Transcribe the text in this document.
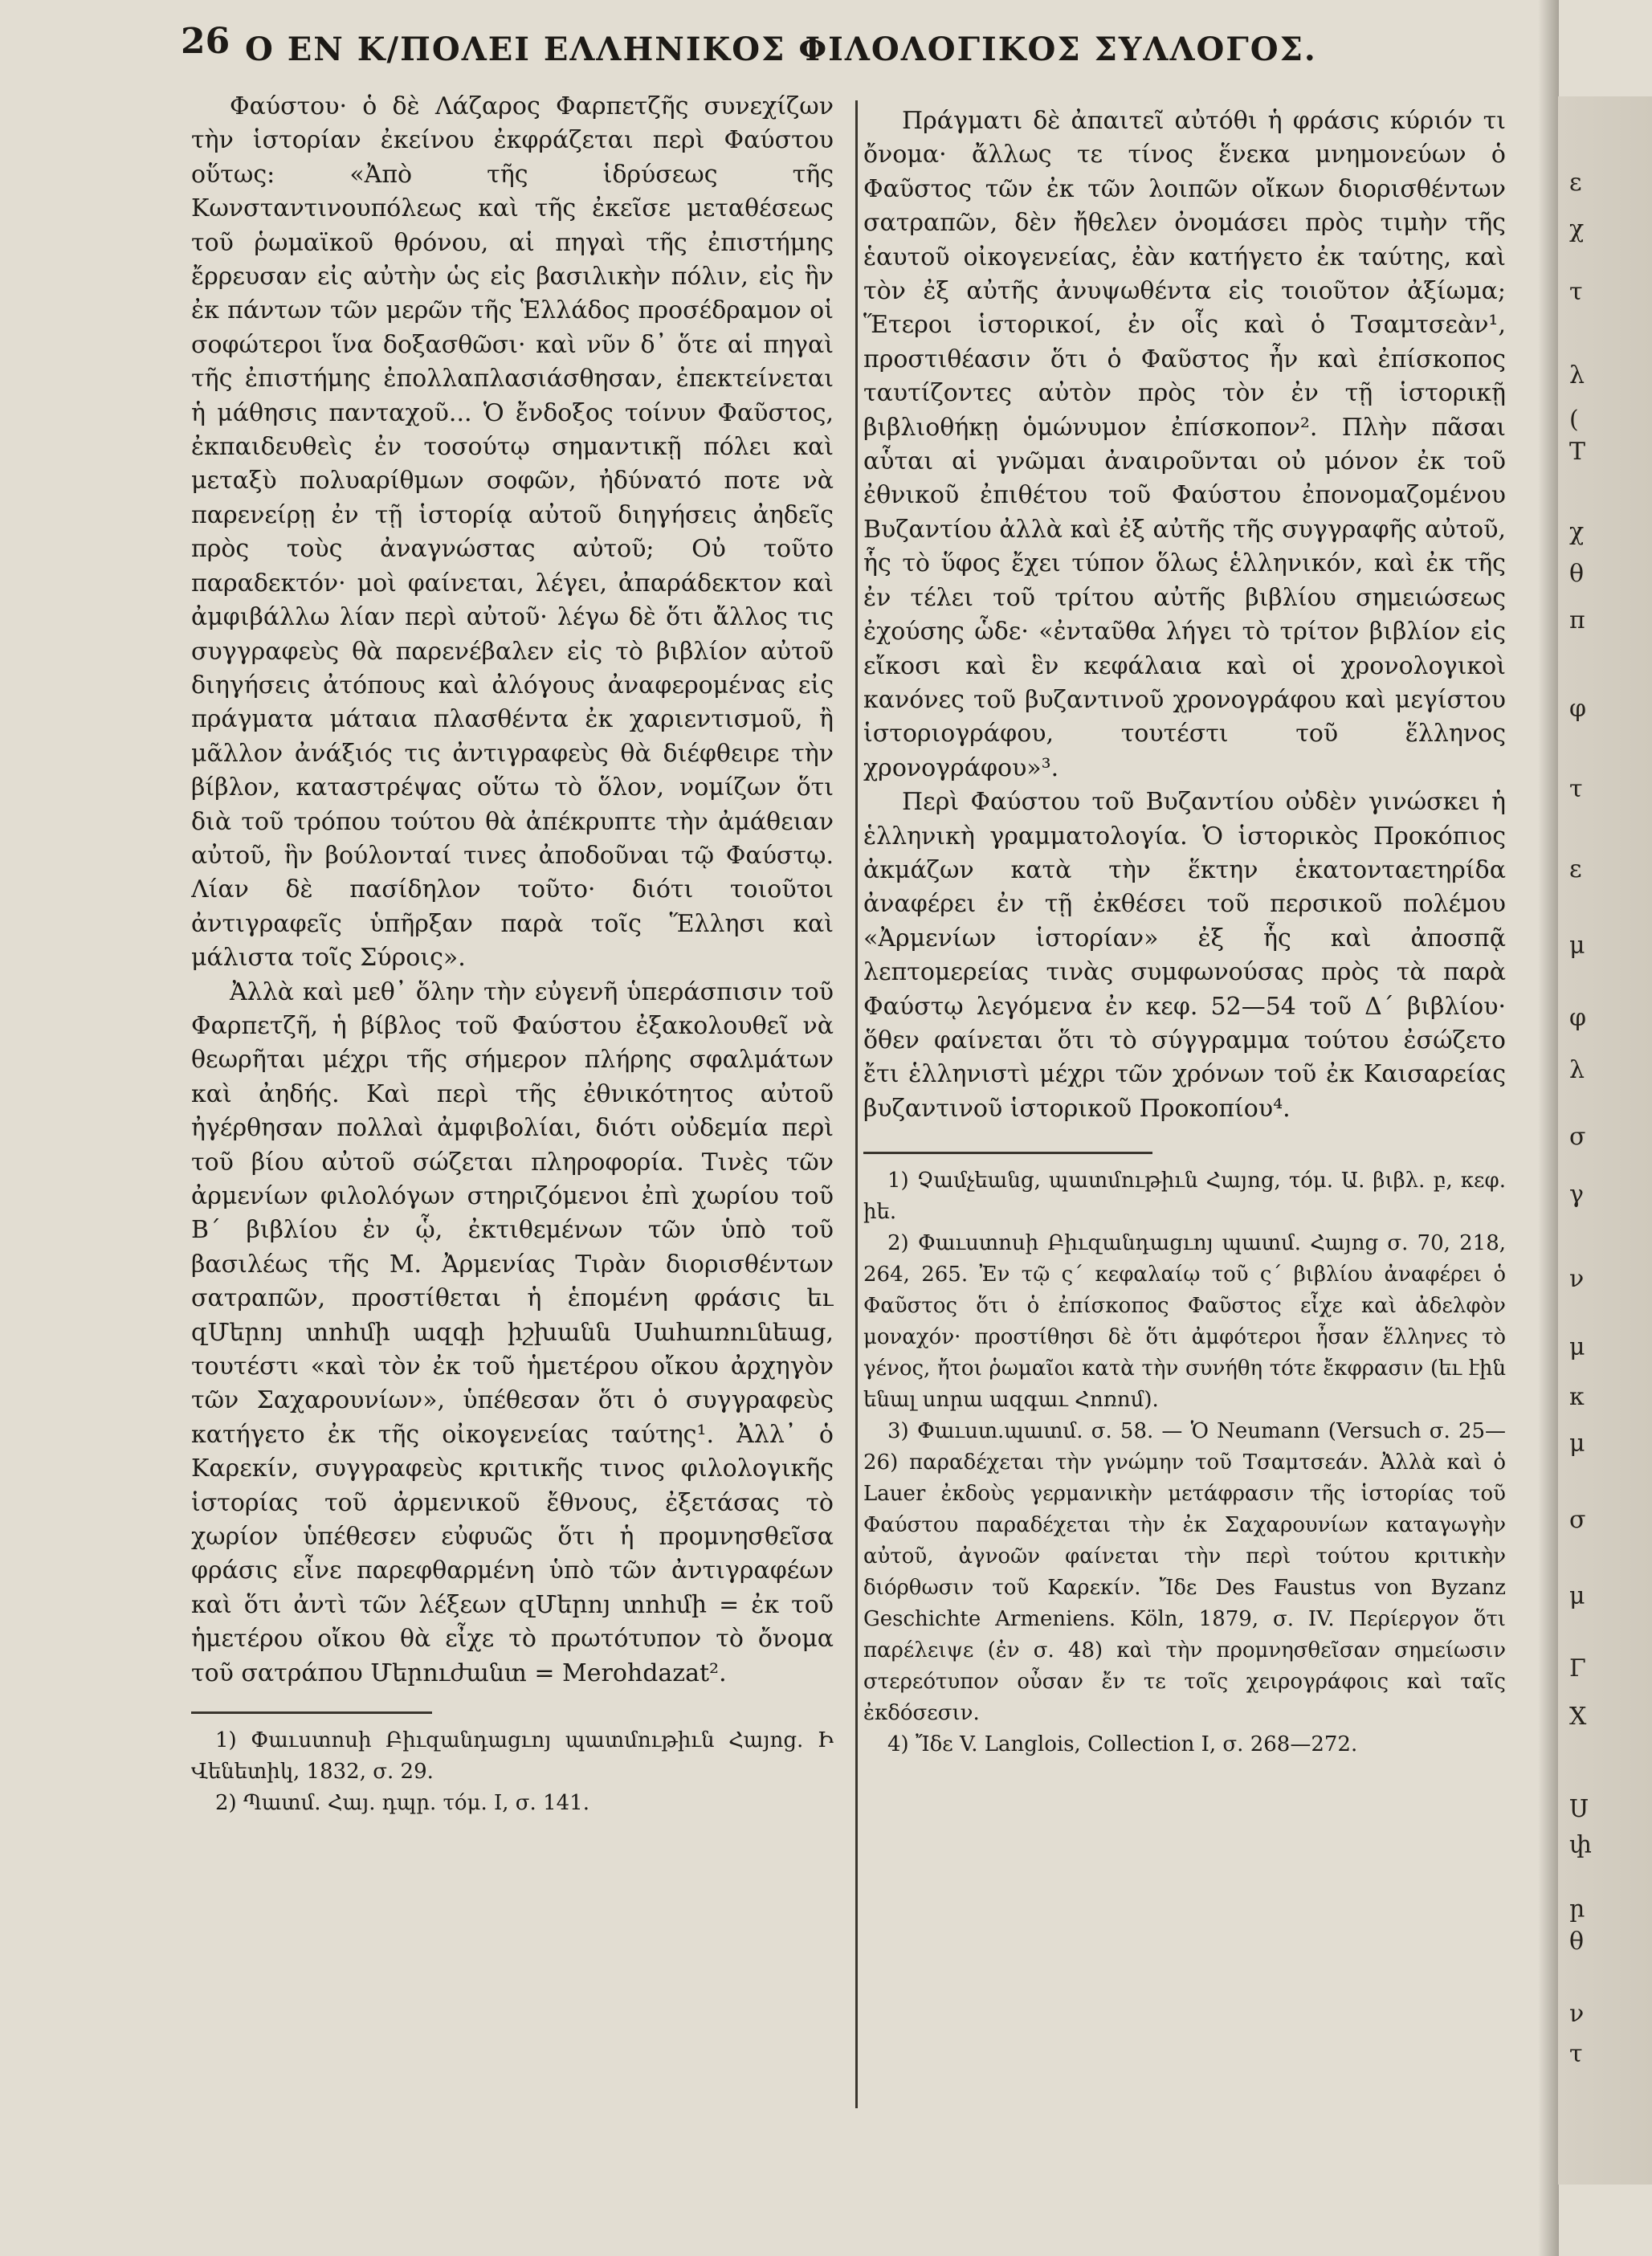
26 Ο ΕΝ Κ/ΠΟΛΕΙ ΕΛΛΗΝΙΚΟΣ ΦΙΛΟΛΟΓΙΚΟΣ ΣΥΛΛΟΓΟΣ.

Φαύστου· ὁ δὲ Λάζαρος Φαρπετζῆς συνεχίζων τὴν ἱστορίαν ἐκείνου ἐκφράζεται περὶ Φαύστου οὕτως: «Ἀπὸ τῆς ἱδρύσεως τῆς Κωνσταντινουπόλεως καὶ τῆς ἐκεῖσε μεταθέσεως τοῦ ῥωμαϊκοῦ θρόνου, αἱ πηγαὶ τῆς ἐπιστήμης ἔρρευσαν εἰς αὐτὴν ὡς εἰς βασιλικὴν πόλιν, εἰς ἣν ἐκ πάντων τῶν μερῶν τῆς Ἑλλάδος προσέδραμον οἱ σοφώτεροι ἵνα δοξασθῶσι· καὶ νῦν δ᾽ ὅτε αἱ πηγαὶ τῆς ἐπιστήμης ἐπολλαπλασιάσθησαν, ἐπεκτείνεται ἡ μάθησις πανταχοῦ... Ὁ ἔνδοξος τοίνυν Φαῦστος, ἐκπαιδευθεὶς ἐν τοσούτῳ σημαντικῇ πόλει καὶ μεταξὺ πολυαρίθμων σοφῶν, ἠδύνατό ποτε νὰ παρενείρῃ ἐν τῇ ἱστορίᾳ αὐτοῦ διηγήσεις ἀηδεῖς πρὸς τοὺς ἀναγνώστας αὐτοῦ; Οὐ τοῦτο παραδεκτόν· μοὶ φαίνεται, λέγει, ἀπαράδεκτον καὶ ἀμφιβάλλω λίαν περὶ αὐτοῦ· λέγω δὲ ὅτι ἄλλος τις συγγραφεὺς θὰ παρενέβαλεν εἰς τὸ βιβλίον αὐτοῦ διηγήσεις ἀτόπους καὶ ἀλόγους ἀναφερομένας εἰς πράγματα μάταια πλασθέντα ἐκ χαριεντισμοῦ, ἢ μᾶλλον ἀνάξιός τις ἀντιγραφεὺς θὰ διέφθειρε τὴν βίβλον, καταστρέψας οὕτω τὸ ὅλον, νομίζων ὅτι διὰ τοῦ τρόπου τούτου θὰ ἀπέκρυπτε τὴν ἀμάθειαν αὐτοῦ, ἣν βούλονταί τινες ἀποδοῦναι τῷ Φαύστῳ. Λίαν δὲ πασίδηλον τοῦτο· διότι τοιοῦτοι ἀντιγραφεῖς ὑπῆρξαν παρὰ τοῖς Ἕλλησι καὶ μάλιστα τοῖς Σύροις».

Ἀλλὰ καὶ μεθ᾽ ὅλην τὴν εὐγενῆ ὑπεράσπισιν τοῦ Φαρπετζῆ, ἡ βίβλος τοῦ Φαύστου ἐξακολουθεῖ νὰ θεωρῆται μέχρι τῆς σήμερον πλήρης σφαλμάτων καὶ ἀηδής. Καὶ περὶ τῆς ἐθνικότητος αὐτοῦ ἠγέρθησαν πολλαὶ ἀμφιβολίαι, διότι οὐδεμία περὶ τοῦ βίου αὐτοῦ σώζεται πληροφορία. Τινὲς τῶν ἀρμενίων φιλολόγων στηριζόμενοι ἐπὶ χωρίου τοῦ Β´ βιβλίου ἐν ᾧ, ἐκτιθεμένων τῶν ὑπὸ τοῦ βασιλέως τῆς Μ. Ἀρμενίας Τιρὰν διορισθέντων σατραπῶν, προστίθεται ἡ ἑπομένη φράσις եւ զՄերոյ տոհմի ազգի իշխանն Սահառունեաց, τουτέστι «καὶ τὸν ἐκ τοῦ ἡμετέρου οἴκου ἀρχηγὸν τῶν Σαχαρουνίων», ὑπέθεσαν ὅτι ὁ συγγραφεὺς κατήγετο ἐκ τῆς οἰκογενείας ταύτης¹. Ἀλλ᾽ ὁ Καρεκίν, συγγραφεὺς κριτικῆς τινος φιλολογικῆς ἱστορίας τοῦ ἀρμενικοῦ ἔθνους, ἐξετάσας τὸ χωρίον ὑπέθεσεν εὐφυῶς ὅτι ἡ προμνησθεῖσα φράσις εἶνε παρεφθαρμένη ὑπὸ τῶν ἀντιγραφέων καὶ ὅτι ἀντὶ τῶν λέξεων զՄերոյ տոհմի = ἐκ τοῦ ἡμετέρου οἴκου θὰ εἶχε τὸ πρωτότυπον τὸ ὄνομα τοῦ σατράπου Մերուժանտ = Merohdazat².

1) Փաւստոսի Բիւզանդացւոյ պատմութիւն Հայոց. Ի Վենետիկ, 1832, σ. 29.

2) Պատմ. Հայ. դպր. τόμ. I, σ. 141.

Πράγματι δὲ ἀπαιτεῖ αὐτόθι ἡ φράσις κύριόν τι ὄνομα· ἄλλως τε τίνος ἕνεκα μνημονεύων ὁ Φαῦστος τῶν ἐκ τῶν λοιπῶν οἴκων διορισθέντων σατραπῶν, δὲν ἤθελεν ὀνομάσει πρὸς τιμὴν τῆς ἑαυτοῦ οἰκογενείας, ἐὰν κατήγετο ἐκ ταύτης, καὶ τὸν ἐξ αὐτῆς ἀνυψωθέντα εἰς τοιοῦτον ἀξίωμα; Ἕτεροι ἱστορικοί, ἐν οἷς καὶ ὁ Τσαμτσεὰν¹, προστιθέασιν ὅτι ὁ Φαῦστος ἦν καὶ ἐπίσκοπος ταυτίζοντες αὐτὸν πρὸς τὸν ἐν τῇ ἱστορικῇ βιβλιοθήκῃ ὁμώνυμον ἐπίσκοπον². Πλὴν πᾶσαι αὗται αἱ γνῶμαι ἀναιροῦνται οὐ μόνον ἐκ τοῦ ἐθνικοῦ ἐπιθέτου τοῦ Φαύστου ἐπονομαζομένου Βυζαντίου ἀλλὰ καὶ ἐξ αὐτῆς τῆς συγγραφῆς αὐτοῦ, ἧς τὸ ὕφος ἔχει τύπον ὅλως ἑλληνικόν, καὶ ἐκ τῆς ἐν τέλει τοῦ τρίτου αὐτῆς βιβλίου σημειώσεως ἐχούσης ὧδε· «ἐνταῦθα λήγει τὸ τρίτον βιβλίον εἰς εἴκοσι καὶ ἓν κεφάλαια καὶ οἱ χρονολογικοὶ κανόνες τοῦ βυζαντινοῦ χρονογράφου καὶ μεγίστου ἱστοριογράφου, τουτέστι τοῦ ἕλληνος χρονογράφου»³.

Περὶ Φαύστου τοῦ Βυζαντίου οὐδὲν γινώσκει ἡ ἑλληνικὴ γραμματολογία. Ὁ ἱστορικὸς Προκόπιος ἀκμάζων κατὰ τὴν ἕκτην ἑκατονταετηρίδα ἀναφέρει ἐν τῇ ἐκθέσει τοῦ περσικοῦ πολέμου «Ἀρμενίων ἱστορίαν» ἐξ ἧς καὶ ἀποσπᾷ λεπτομερείας τινὰς συμφωνούσας πρὸς τὰ παρὰ Φαύστῳ λεγόμενα ἐν κεφ. 52—54 τοῦ Δ´ βιβλίου· ὅθεν φαίνεται ὅτι τὸ σύγγραμμα τούτου ἐσώζετο ἔτι ἑλληνιστὶ μέχρι τῶν χρόνων τοῦ ἐκ Καισαρείας βυζαντινοῦ ἱστορικοῦ Προκοπίου⁴.

1) Չամչեանց, պատմութիւն Հայոց, τόμ. Ա. βιβλ. բ, κεφ. իե.

2) Փաւստոսի Բիւզանդացւոյ պատմ. Հայոց σ. 70, 218, 264, 265. Ἐν τῷ ς´ κεφαλαίῳ τοῦ ς´ βιβλίου ἀναφέρει ὁ Φαῦστος ὅτι ὁ ἐπίσκοπος Φαῦστος εἶχε καὶ ἀδελφὸν μοναχόν· προστίθησι δὲ ὅτι ἀμφότεροι ἦσαν ἕλληνες τὸ γένος, ἤτοι ῥωμαῖοι κατὰ τὴν συνήθη τότε ἔκφρασιν (եւ էին ենալ սորա ազգաւ Հոռոմ).

3) Փաւստ.պատմ. σ. 58. — Ὁ Neumann (Versuch σ. 25—26) παραδέχεται τὴν γνώμην τοῦ Τσαμτσεάν. Ἀλλὰ καὶ ὁ Lauer ἐκδοὺς γερμανικὴν μετάφρασιν τῆς ἱστορίας τοῦ Φαύστου παραδέχεται τὴν ἐκ Σαχαρουνίων καταγωγὴν αὐτοῦ, ἀγνοῶν φαίνεται τὴν περὶ τούτου κριτικὴν διόρθωσιν τοῦ Καρεκίν. Ἴδε Des Faustus von Byzanz Geschichte Armeniens. Köln, 1879, σ. IV. Περίεργον ὅτι παρέλειψε (ἐν σ. 48) καὶ τὴν προμνησθεῖσαν σημείωσιν στερεότυπον οὖσαν ἔν τε τοῖς χειρογράφοις καὶ ταῖς ἐκδόσεσιν.

4) Ἴδε V. Langlois, Collection I, σ. 268—272.

ε
χ
τ
λ
(
Τ
χ
θ
π
φ
τ
ε
μ
φ
λ
σ
γ
ν
μ
κ
μ
σ
μ
Γ
Χ
Ս
փ
ր
θ
ν
τ
